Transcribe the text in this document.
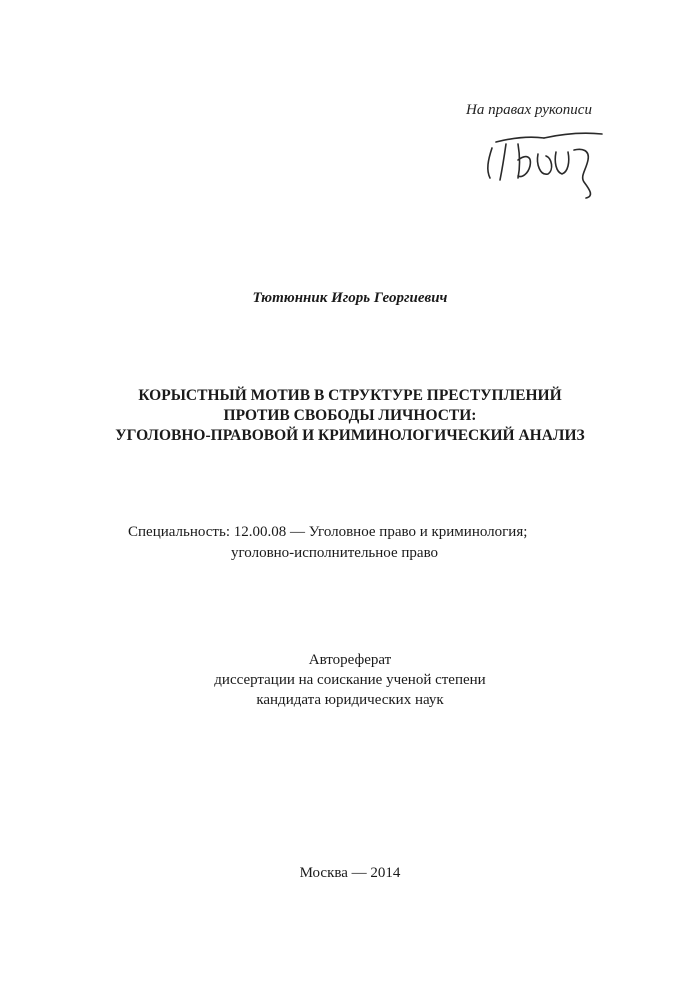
На правах рукописи
Тютюнник Игорь Георгиевич
КОРЫСТНЫЙ МОТИВ В СТРУКТУРЕ ПРЕСТУПЛЕНИЙ
ПРОТИВ СВОБОДЫ ЛИЧНОСТИ:
УГОЛОВНО-ПРАВОВОЙ И КРИМИНОЛОГИЧЕСКИЙ АНАЛИЗ
Специальность: 12.00.08 — Уголовное право и криминология;
уголовно-исполнительное право
Автореферат
диссертации на соискание ученой степени
кандидата юридических наук
Москва — 2014
